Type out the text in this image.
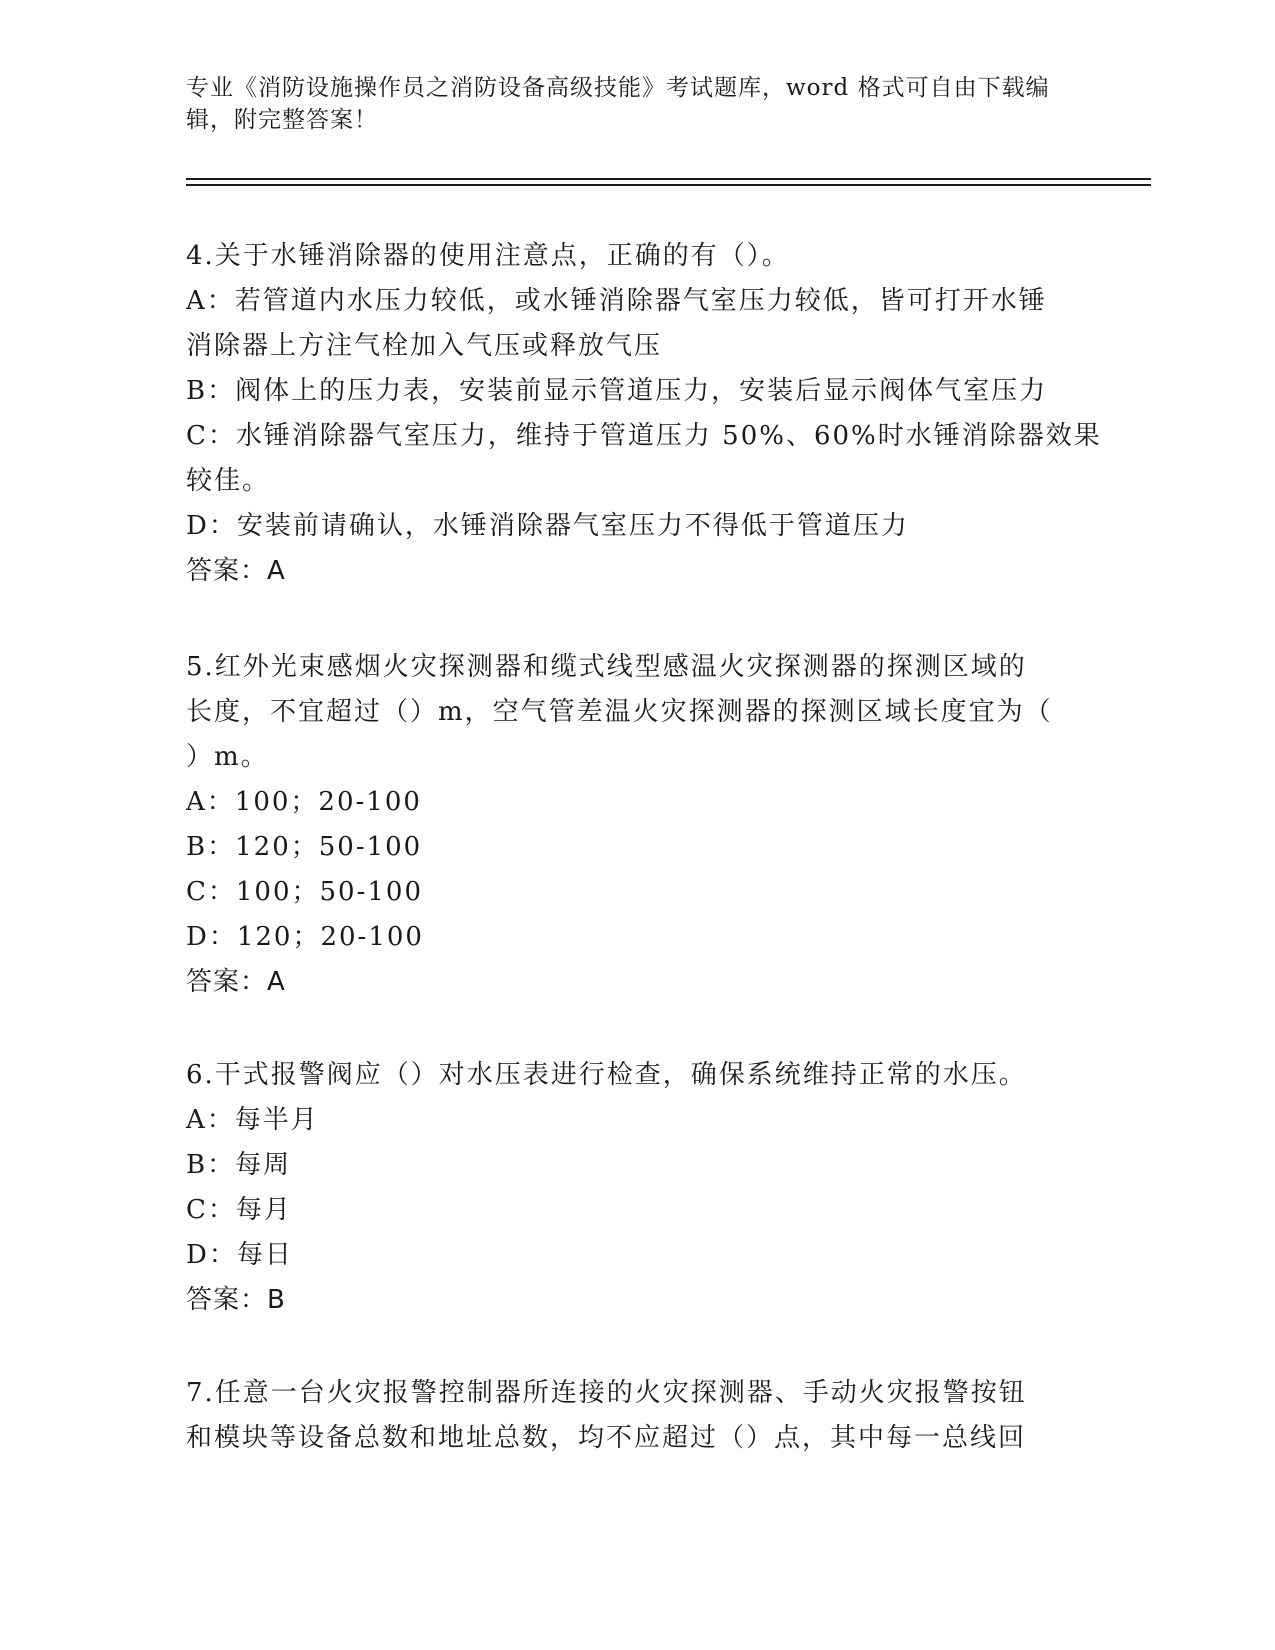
专业《消防设施操作员之消防设备高级技能》考试题库，word 格式可自由下载编
辑，附完整答案！
4.关于水锤消除器的使用注意点，正确的有（）。
A：若管道内水压力较低，或水锤消除器气室压力较低，皆可打开水锤
消除器上方注气栓加入气压或释放气压
B：阀体上的压力表，安装前显示管道压力，安装后显示阀体气室压力
C：水锤消除器气室压力，维持于管道压力 50%、60%时水锤消除器效果
较佳。
D：安装前请确认，水锤消除器气室压力不得低于管道压力
答案：A
5.红外光束感烟火灾探测器和缆式线型感温火灾探测器的探测区域的
长度，不宜超过（）m，空气管差温火灾探测器的探测区域长度宜为（
）m。
A：100；20-100
B：120；50-100
C：100；50-100
D：120；20-100
答案：A
6.干式报警阀应（）对水压表进行检查，确保系统维持正常的水压。
A：每半月
B：每周
C：每月
D：每日
答案：B
7.任意一台火灾报警控制器所连接的火灾探测器、手动火灾报警按钮
和模块等设备总数和地址总数，均不应超过（）点，其中每一总线回
